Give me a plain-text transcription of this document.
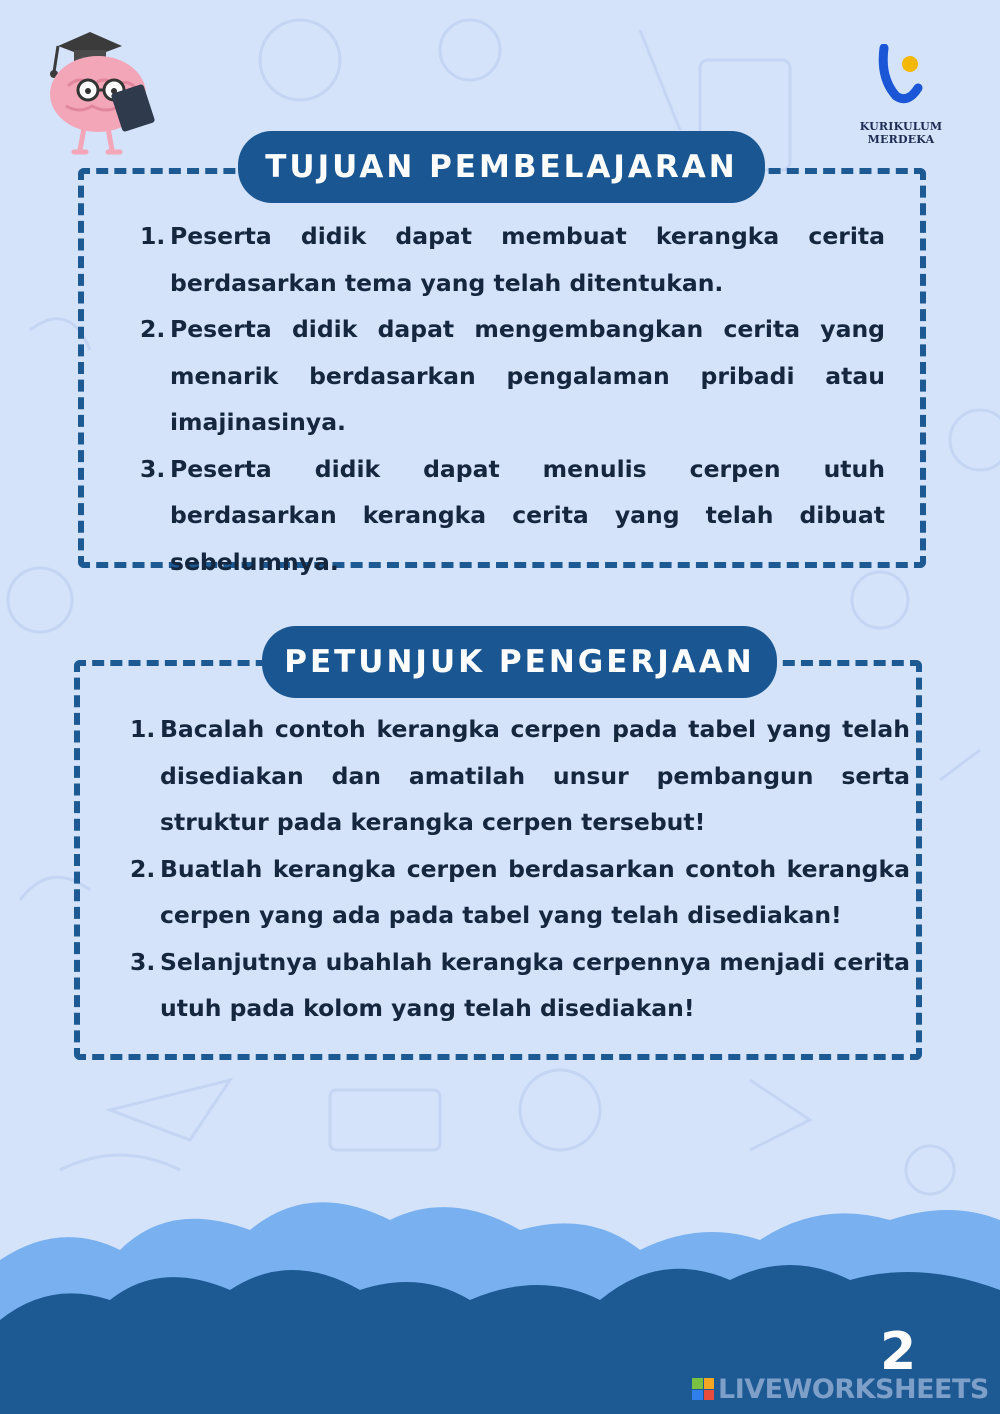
KURIKULUM MERDEKA
TUJUAN PEMBELAJARAN
1. Peserta didik dapat membuat kerangka cerita berdasarkan tema yang telah ditentukan.
2. Peserta didik dapat mengembangkan cerita yang menarik berdasarkan pengalaman pribadi atau imajinasinya.
3. Peserta didik dapat menulis cerpen utuh berdasarkan kerangka cerita yang telah dibuat sebelumnya.
PETUNJUK PENGERJAAN
1. Bacalah contoh kerangka cerpen pada tabel yang telah disediakan dan amatilah unsur pembangun serta struktur pada kerangka cerpen tersebut!
2. Buatlah kerangka cerpen berdasarkan contoh kerangka cerpen yang ada pada tabel yang telah disediakan!
3. Selanjutnya ubahlah kerangka cerpennya menjadi cerita utuh pada kolom yang telah disediakan!
2
LIVEWORKSHEETS
